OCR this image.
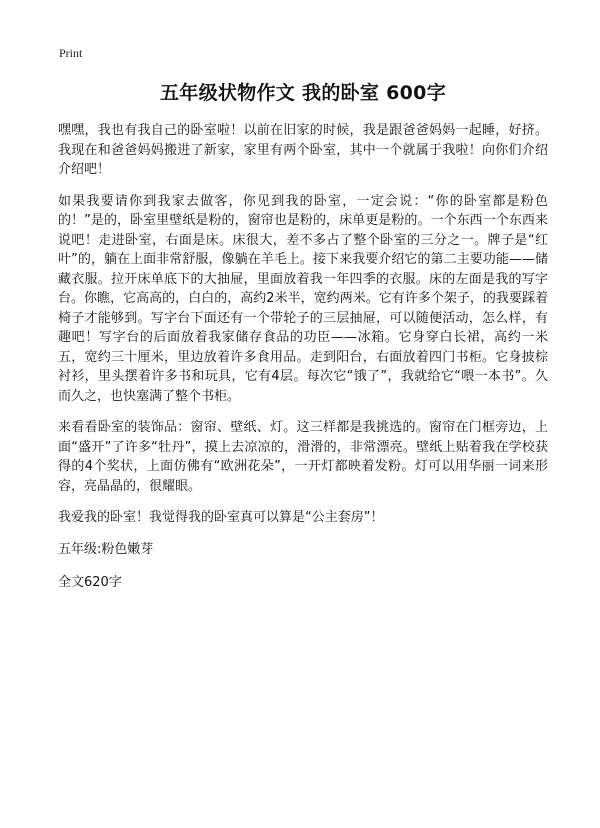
Print
五年级状物作文 我的卧室 600字

嘿嘿，我也有我自己的卧室啦！以前在旧家的时候，我是跟爸爸妈妈一起睡，好挤。我现在和爸爸妈妈搬进了新家，家里有两个卧室，其中一个就属于我啦！向你们介绍介绍吧！

如果我要请你到我家去做客，你见到我的卧室，一定会说：“你的卧室都是粉色的！”是的，卧室里壁纸是粉的，窗帘也是粉的，床单更是粉的。一个东西一个东西来说吧！走进卧室，右面是床。床很大，差不多占了整个卧室的三分之一。牌子是“红叶”的，躺在上面非常舒服，像躺在羊毛上。接下来我要介绍它的第二主要功能——储藏衣服。拉开床单底下的大抽屉，里面放着我一年四季的衣服。床的左面是我的写字台。你瞧，它高高的，白白的，高约2米半，宽约两米。它有许多个架子，的我要踩着椅子才能够到。写字台下面还有一个带轮子的三层抽屉，可以随便活动，怎么样，有趣吧！写字台的后面放着我家储存食品的功臣——冰箱。它身穿白长裙，高约一米五，宽约三十厘米，里边放着许多食用品。走到阳台，右面放着四门书柜。它身披棕衬衫，里头摆着许多书和玩具，它有4层。每次它“饿了”，我就给它“喂一本书”。久而久之，也快塞满了整个书柜。

来看看卧室的装饰品：窗帘、壁纸、灯。这三样都是我挑选的。窗帘在门框旁边，上面“盛开”了许多“牡丹”，摸上去凉凉的，滑滑的，非常漂亮。壁纸上贴着我在学校获得的4个奖状，上面仿佛有“欧洲花朵”，一开灯都映着发粉。灯可以用华丽一词来形容，亮晶晶的，很耀眼。

我爱我的卧室！我觉得我的卧室真可以算是“公主套房”！

五年级:粉色嫩芽
全文620字
